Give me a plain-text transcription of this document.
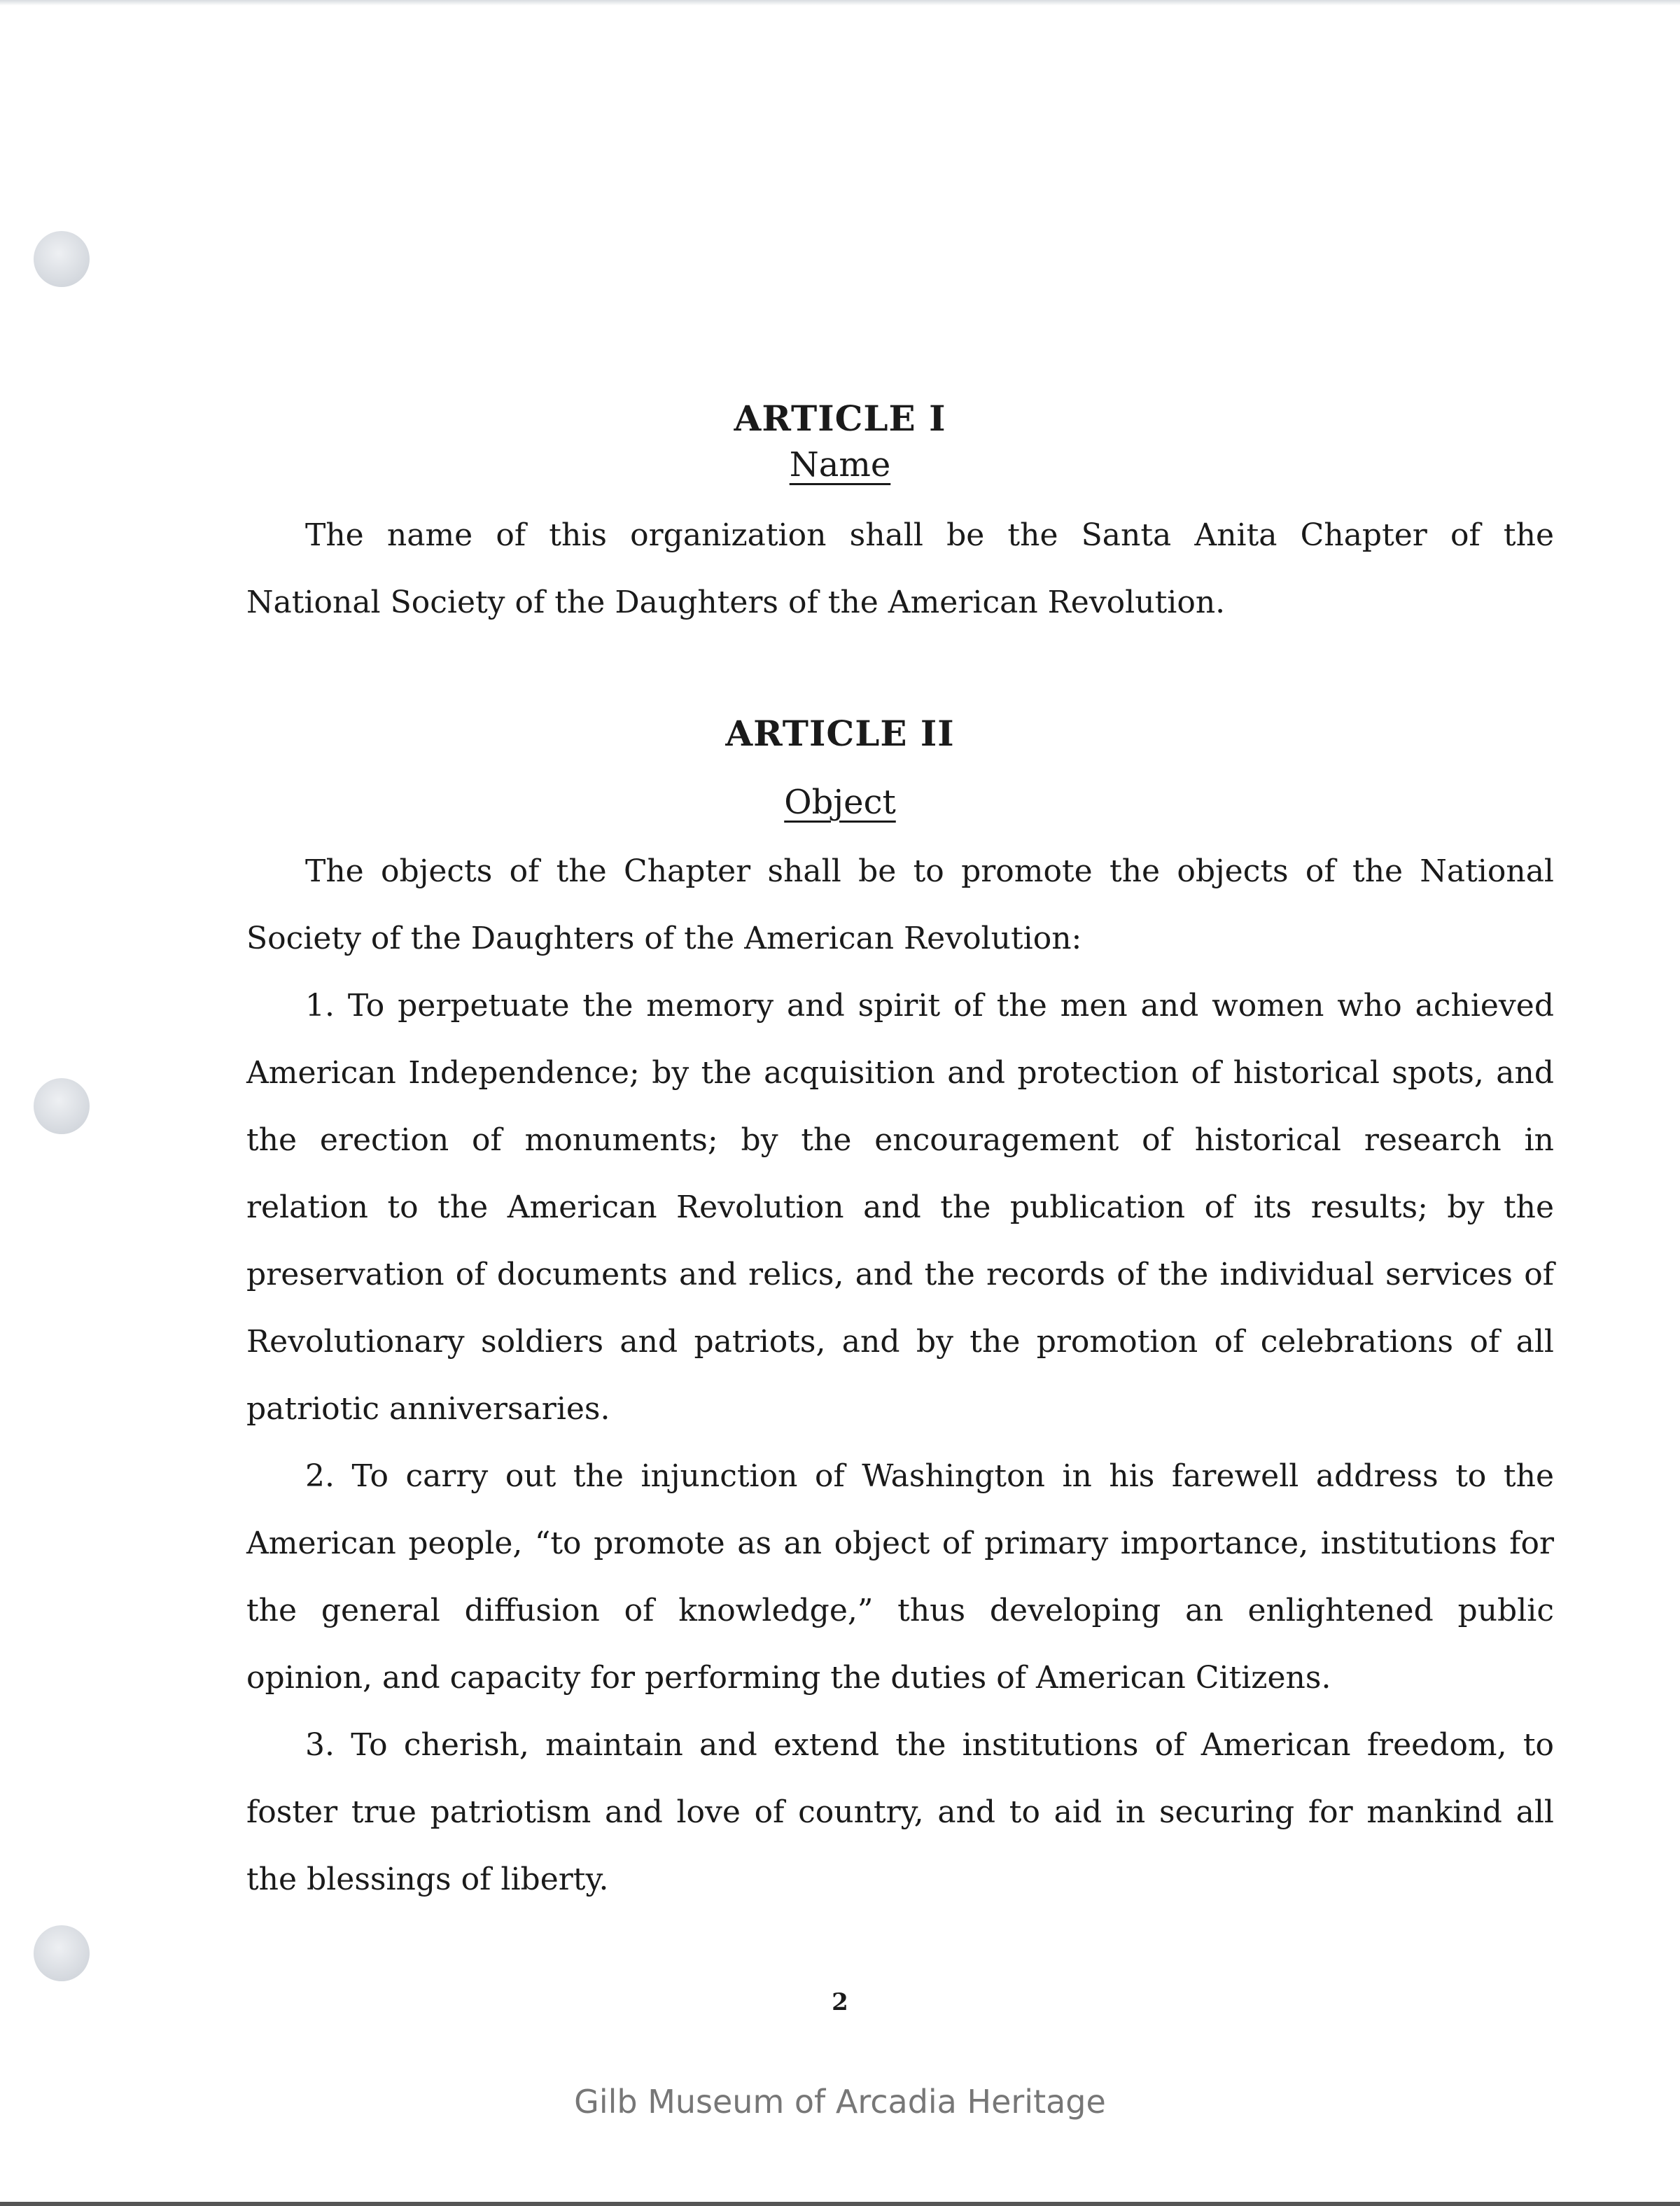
ARTICLE I
Name
ARTICLE II
Object
The name of this organization shall be the Santa Anita Chapter of the
National Society of the Daughters of the American Revolution.
The objects of the Chapter shall be to promote the objects of the National
Society of the Daughters of the American Revolution:
1. To perpetuate the memory and spirit of the men and women who achieved
American Independence; by the acquisition and protection of historical spots, and
the erection of monuments; by the encouragement of historical research in
relation to the American Revolution and the publication of its results; by the
preservation of documents and relics, and the records of the individual services of
Revolutionary soldiers and patriots, and by the promotion of celebrations of all
patriotic anniversaries.
2. To carry out the injunction of Washington in his farewell address to the
American people, “to promote as an object of primary importance, institutions for
the general diffusion of knowledge,” thus developing an enlightened public
opinion, and capacity for performing the duties of American Citizens.
3. To cherish, maintain and extend the institutions of American freedom, to
foster true patriotism and love of country, and to aid in securing for mankind all
the blessings of liberty.
2
Gilb Museum of Arcadia Heritage
